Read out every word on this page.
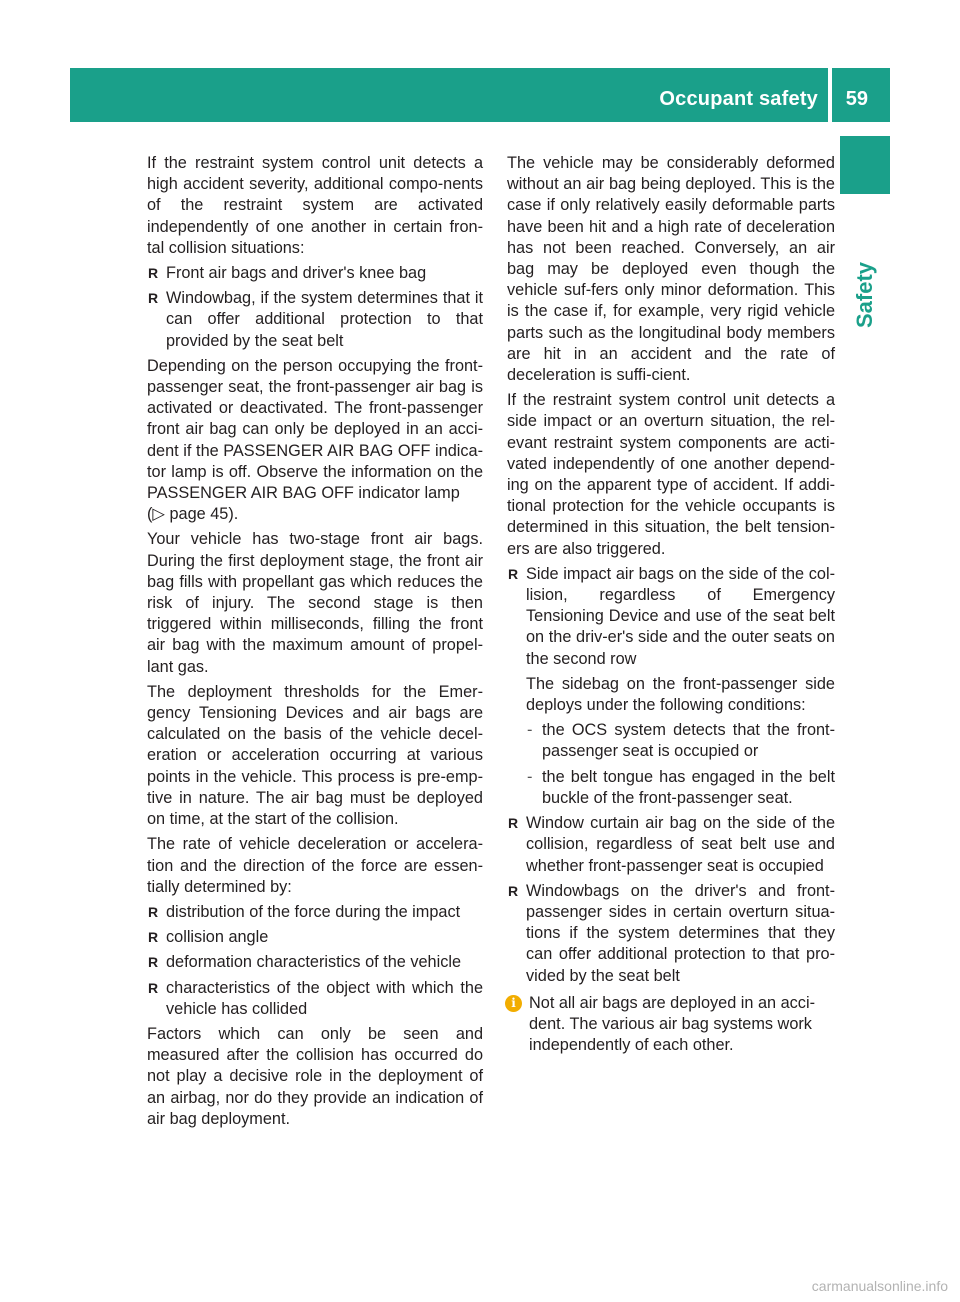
Occupant safety 59
Safety

If the restraint system control unit detects a high accident severity, additional compo-nents of the restraint system are activated independently of one another in certain fron-tal collision situations:

R Front air bags and driver's knee bag
R Windowbag, if the system determines that it can offer additional protection to that provided by the seat belt

Depending on the person occupying the front-passenger seat, the front-passenger air bag is activated or deactivated. The front-passenger front air bag can only be deployed in an acci-dent if the PASSENGER AIR BAG OFF indica-tor lamp is off. Observe the information on the PASSENGER AIR BAG OFF indicator lamp
(▷ page 45).

Your vehicle has two-stage front air bags. During the first deployment stage, the front air bag fills with propellant gas which reduces the risk of injury. The second stage is then triggered within milliseconds, filling the front air bag with the maximum amount of propel-lant gas.

The deployment thresholds for the Emer-gency Tensioning Devices and air bags are calculated on the basis of the vehicle decel-eration or acceleration occurring at various points in the vehicle. This process is pre-emp-tive in nature. The air bag must be deployed on time, at the start of the collision.

The rate of vehicle deceleration or accelera-tion and the direction of the force are essen-tially determined by:

R distribution of the force during the impact
R collision angle
R deformation characteristics of the vehicle
R characteristics of the object with which the vehicle has collided

Factors which can only be seen and measured after the collision has occurred do not play a decisive role in the deployment of an airbag, nor do they provide an indication of air bag deployment.

The vehicle may be considerably deformed without an air bag being deployed. This is the case if only relatively easily deformable parts have been hit and a high rate of deceleration has not been reached. Conversely, an air bag may be deployed even though the vehicle suf-fers only minor deformation. This is the case if, for example, very rigid vehicle parts such as the longitudinal body members are hit in an accident and the rate of deceleration is suffi-cient.

If the restraint system control unit detects a side impact or an overturn situation, the rel-evant restraint system components are acti-vated independently of one another depend-ing on the apparent type of accident. If addi-tional protection for the vehicle occupants is determined in this situation, the belt tension-ers are also triggered.

R Side impact air bags on the side of the col-lision, regardless of Emergency Tensioning Device and use of the seat belt on the driv-er's side and the outer seats on the second row

The sidebag on the front-passenger side deploys under the following conditions:

- the OCS system detects that the front-passenger seat is occupied or
- the belt tongue has engaged in the belt buckle of the front-passenger seat.
R Window curtain air bag on the side of the collision, regardless of seat belt use and whether front-passenger seat is occupied
R Windowbags on the driver's and front-passenger sides in certain overturn situa-tions if the system determines that they can offer additional protection to that pro-vided by the seat belt
i Not all air bags are deployed in an acci-dent. The various air bag systems work independently of each other.
carmanualsonline.info
